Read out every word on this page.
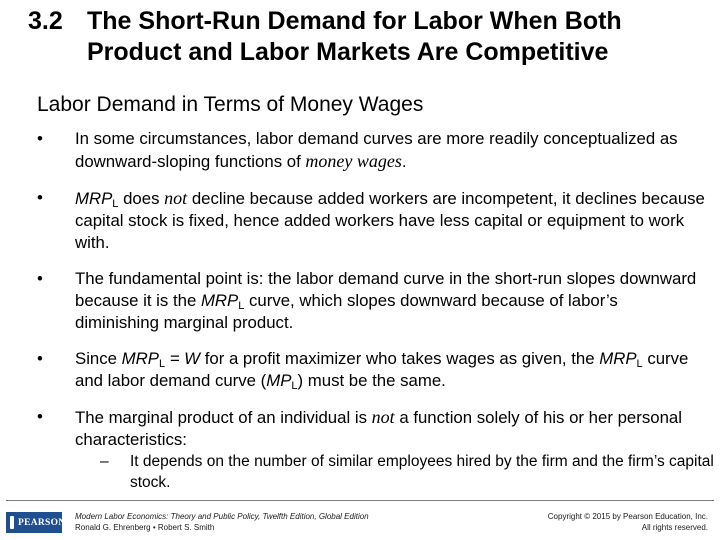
3.2 The Short-Run Demand for Labor When Both
Product and Labor Markets Are Competitive
Labor Demand in Terms of Money Wages
•	In some circumstances, labor demand curves are more readily conceptualized as downward-sloping functions of money wages.
•	$MRP_L$ does not decline because added workers are incompetent, it declines because capital stock is fixed, hence added workers have less capital or equipment to work with.
•	The fundamental point is: the labor demand curve in the short-run slopes downward because it is the $MRP_L$ curve, which slopes downward because of labor’s diminishing marginal product.
•	Since $MRP_L = W$ for a profit maximizer who takes wages as given, the $MRP_L$ curve and labor demand curve $(MP_L)$ must be the same.
•	The marginal product of an individual is not a function solely of his or her personal characteristics:
– It depends on the number of similar employees hired by the firm and the firm’s capital stock.
PEARSON
Modern Labor Economics: Theory and Public Policy, Twelfth Edition, Global Edition
Ronald G. Ehrenberg • Robert S. Smith
Copyright © 2015 by Pearson Education, Inc.
All rights reserved.
